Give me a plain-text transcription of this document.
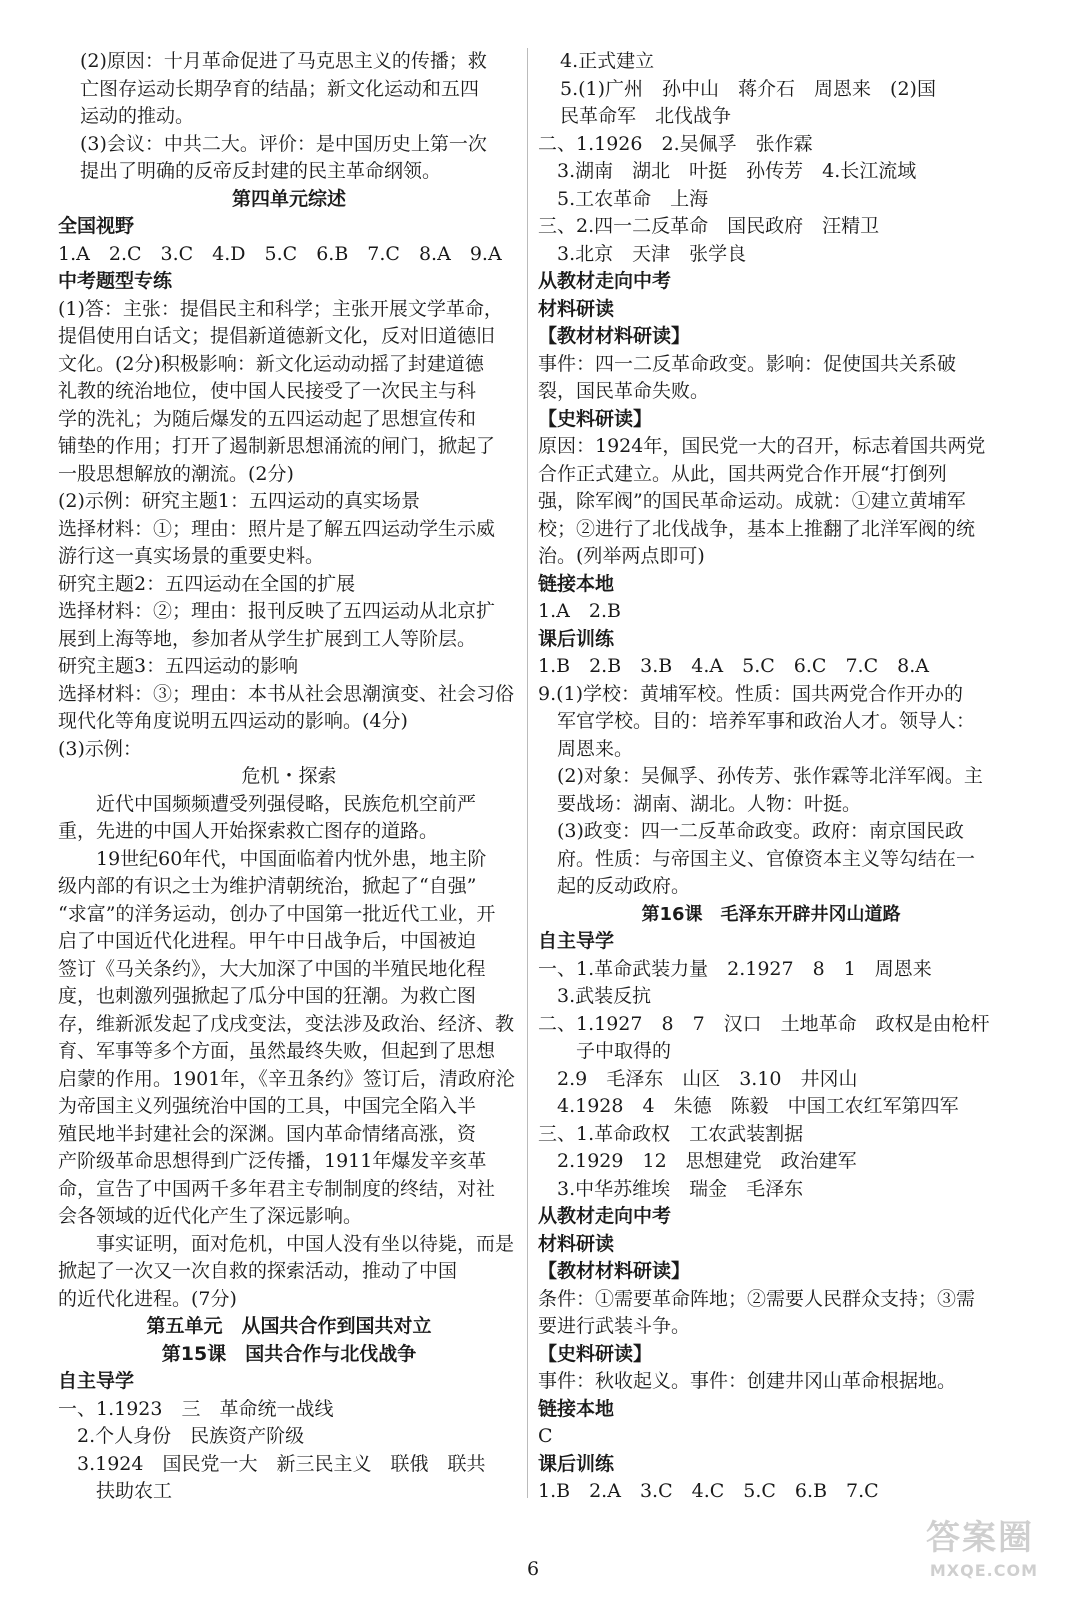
(2)原因：十月革命促进了马克思主义的传播；救
亡图存运动长期孕育的结晶；新文化运动和五四
运动的推动。
(3)会议：中共二大。评价：是中国历史上第一次
提出了明确的反帝反封建的民主革命纲领。
第四单元综述
全国视野
1.A　2.C　3.C　4.D　5.C　6.B　7.C　8.A　9.A
中考题型专练
(1)答：主张：提倡民主和科学；主张开展文学革命，
提倡使用白话文；提倡新道德新文化，反对旧道德旧
文化。(2分)积极影响：新文化运动动摇了封建道德
礼教的统治地位，使中国人民接受了一次民主与科
学的洗礼；为随后爆发的五四运动起了思想宣传和
铺垫的作用；打开了遏制新思想涌流的闸门，掀起了
一股思想解放的潮流。(2分)
(2)示例：研究主题1：五四运动的真实场景
选择材料：①；理由：照片是了解五四运动学生示威
游行这一真实场景的重要史料。
研究主题2：五四运动在全国的扩展
选择材料：②；理由：报刊反映了五四运动从北京扩
展到上海等地，参加者从学生扩展到工人等阶层。
研究主题3：五四运动的影响
选择材料：③；理由：本书从社会思潮演变、社会习俗
现代化等角度说明五四运动的影响。(4分)
(3)示例：
危机・探索
　　近代中国频频遭受列强侵略，民族危机空前严
重，先进的中国人开始探索救亡图存的道路。
　　19世纪60年代，中国面临着内忧外患，地主阶
级内部的有识之士为维护清朝统治，掀起了“自强”
“求富”的洋务运动，创办了中国第一批近代工业，开
启了中国近代化进程。甲午中日战争后，中国被迫
签订《马关条约》，大大加深了中国的半殖民地化程
度，也刺激列强掀起了瓜分中国的狂潮。为救亡图
存，维新派发起了戊戌变法，变法涉及政治、经济、教
育、军事等多个方面，虽然最终失败，但起到了思想
启蒙的作用。1901年，《辛丑条约》签订后，清政府沦
为帝国主义列强统治中国的工具，中国完全陷入半
殖民地半封建社会的深渊。国内革命情绪高涨，资
产阶级革命思想得到广泛传播，1911年爆发辛亥革
命，宣告了中国两千多年君主专制制度的终结，对社
会各领域的近代化产生了深远影响。
　　事实证明，面对危机，中国人没有坐以待毙，而是
掀起了一次又一次自救的探索活动，推动了中国
的近代化进程。(7分)
第五单元　从国共合作到国共对立
第15课　国共合作与北伐战争
自主导学
一、1.1923　三　革命统一战线
　2.个人身份　民族资产阶级
　3.1924　国民党一大　新三民主义　联俄　联共
　　扶助农工
4.正式建立
5.(1)广州　孙中山　蒋介石　周恩来　(2)国
民革命军　北伐战争
二、1.1926　2.吴佩孚　张作霖
　3.湖南　湖北　叶挺　孙传芳　4.长江流域
　5.工农革命　上海
三、2.四一二反革命　国民政府　汪精卫
　3.北京　天津　张学良
从教材走向中考
材料研读
【教材材料研读】
事件：四一二反革命政变。影响：促使国共关系破
裂，国民革命失败。
【史料研读】
原因：1924年，国民党一大的召开，标志着国共两党
合作正式建立。从此，国共两党合作开展“打倒列
强，除军阀”的国民革命运动。成就：①建立黄埔军
校；②进行了北伐战争，基本上推翻了北洋军阀的统
治。(列举两点即可)
链接本地
1.A　2.B
课后训练
1.B　2.B　3.B　4.A　5.C　6.C　7.C　8.A
9.(1)学校：黄埔军校。性质：国共两党合作开办的
　军官学校。目的：培养军事和政治人才。领导人：
　周恩来。
　(2)对象：吴佩孚、孙传芳、张作霖等北洋军阀。主
　要战场：湖南、湖北。人物：叶挺。
　(3)政变：四一二反革命政变。政府：南京国民政
　府。性质：与帝国主义、官僚资本主义等勾结在一
　起的反动政府。
第16课　毛泽东开辟井冈山道路
自主导学
一、1.革命武装力量　2.1927　8　1　周恩来
　3.武装反抗
二、1.1927　8　7　汉口　土地革命　政权是由枪杆
　　子中取得的
　2.9　毛泽东　山区　3.10　井冈山
　4.1928　4　朱德　陈毅　中国工农红军第四军
三、1.革命政权　工农武装割据
　2.1929　12　思想建党　政治建军
　3.中华苏维埃　瑞金　毛泽东
从教材走向中考
材料研读
【教材材料研读】
条件：①需要革命阵地；②需要人民群众支持；③需
要进行武装斗争。
【史料研读】
事件：秋收起义。事件：创建井冈山革命根据地。
链接本地
C
课后训练
1.B　2.A　3.C　4.C　5.C　6.B　7.C
6
答案圈
MXQE.COM
